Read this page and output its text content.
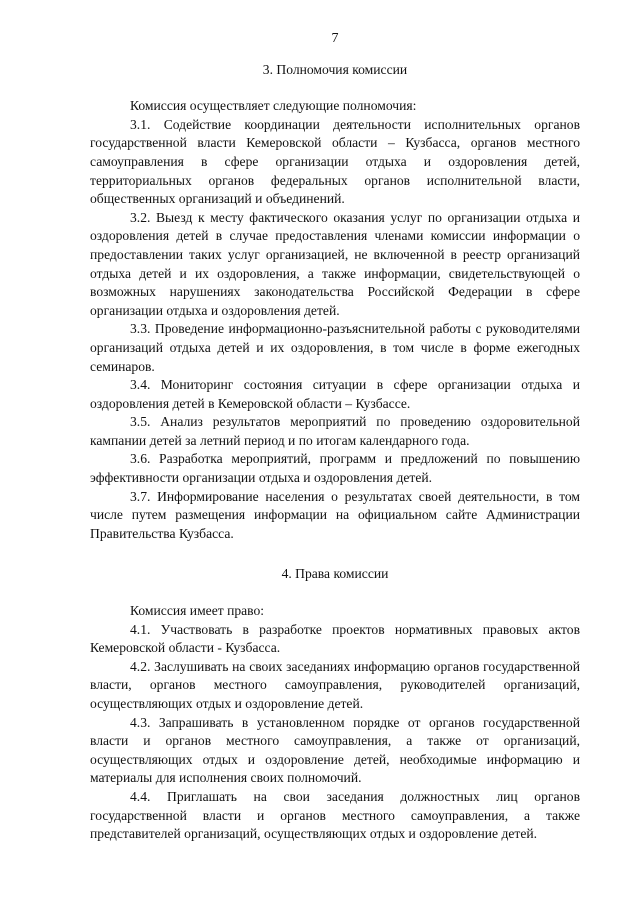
7
3. Полномочия комиссии

Комиссия осуществляет следующие полномочия:

3.1. Содействие координации деятельности исполнительных органов государственной власти Кемеровской области – Кузбасса, органов местного самоуправления в сфере организации отдыха и оздоровления детей, территориальных органов федеральных органов исполнительной власти, общественных организаций и объединений.

3.2. Выезд к месту фактического оказания услуг по организации отдыха и оздоровления детей в случае предоставления членами комиссии информации о предоставлении таких услуг организацией, не включенной в реестр организаций отдыха детей и их оздоровления, а также информации, свидетельствующей о возможных нарушениях законодательства Российской Федерации в сфере организации отдыха и оздоровления детей.

3.3. Проведение информационно-разъяснительной работы с руководителями организаций отдыха детей и их оздоровления, в том числе в форме ежегодных семинаров.

3.4. Мониторинг состояния ситуации в сфере организации отдыха и оздоровления детей в Кемеровской области – Кузбассе.

3.5. Анализ результатов мероприятий по проведению оздоровительной кампании детей за летний период и по итогам календарного года.

3.6. Разработка мероприятий, программ и предложений по повышению эффективности организации отдыха и оздоровления детей.

3.7. Информирование населения о результатах своей деятельности, в том числе путем размещения информации на официальном сайте Администрации Правительства Кузбасса.

4. Права комиссии

Комиссия имеет право:

4.1. Участвовать в разработке проектов нормативных правовых актов Кемеровской области - Кузбасса.

4.2. Заслушивать на своих заседаниях информацию органов государственной власти, органов местного самоуправления, руководителей организаций, осуществляющих отдых и оздоровление детей.

4.3. Запрашивать в установленном порядке от органов государственной власти и органов местного самоуправления, а также от организаций, осуществляющих отдых и оздоровление детей, необходимые информацию и материалы для исполнения своих полномочий.

4.4. Приглашать на свои заседания должностных лиц органов государственной власти и органов местного самоуправления, а также представителей организаций, осуществляющих отдых и оздоровление детей.
